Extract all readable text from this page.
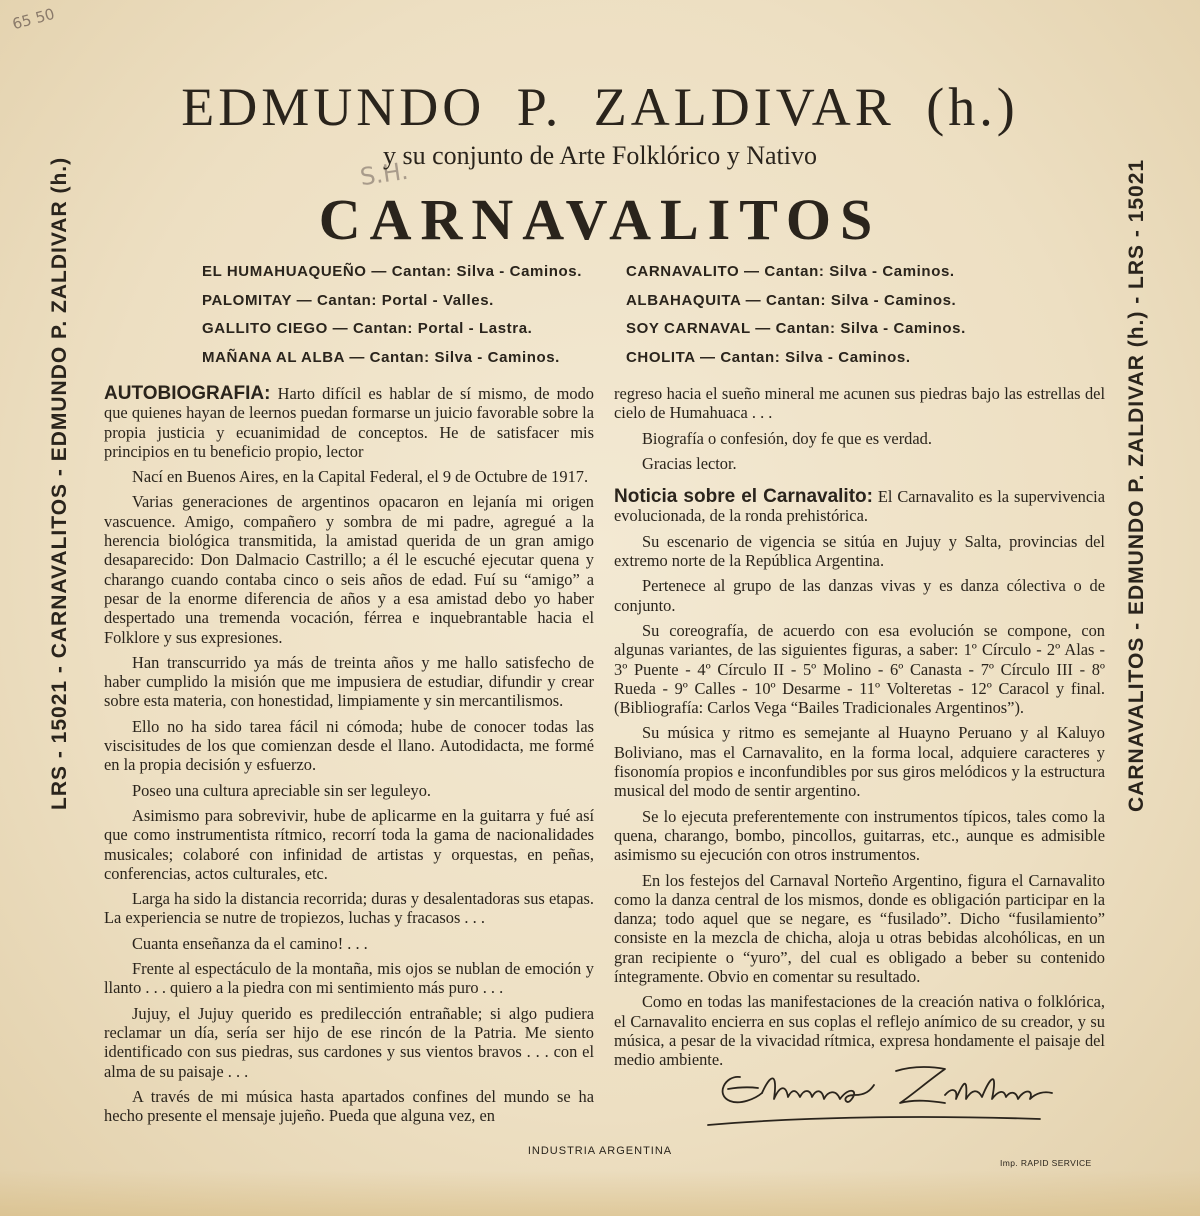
65 50
S.H.
LRS - 15021 - CARNAVALITOS - EDMUNDO P. ZALDIVAR (h.)	CARNAVALITOS - EDMUNDO P. ZALDIVAR (h.) - LRS - 15021
EDMUNDO P. ZALDIVAR (h.)
y su conjunto de Arte Folklórico y Nativo
CARNAVALITOS
EL HUMAHUAQUEÑO — Cantan: Silva - Caminos.
PALOMITAY — Cantan: Portal - Valles.
GALLITO CIEGO — Cantan: Portal - Lastra.
MAÑANA AL ALBA — Cantan: Silva - Caminos.
CARNAVALITO — Cantan: Silva - Caminos.
ALBAHAQUITA — Cantan: Silva - Caminos.
SOY CARNAVAL — Cantan: Silva - Caminos.
CHOLITA — Cantan: Silva - Caminos.

AUTOBIOGRAFIA: Harto difícil es hablar de sí mismo, de modo que quienes hayan de leernos puedan formarse un juicio favorable sobre la propia justicia y ecuanimidad de conceptos. He de satisfacer mis principios en tu beneficio propio, lector

Nací en Buenos Aires, en la Capital Federal, el 9 de Octubre de 1917.

Varias generaciones de argentinos opacaron en lejanía mi origen vascuence. Amigo, compañero y sombra de mi padre, agregué a la herencia biológica transmitida, la amistad querida de un gran amigo desaparecido: Don Dalmacio Castrillo; a él le escuché ejecutar quena y charango cuando contaba cinco o seis años de edad. Fuí su “amigo” a pesar de la enorme diferencia de años y a esa amistad debo yo haber despertado una tremenda vocación, férrea e inquebrantable hacia el Folklore y sus expresiones.

Han transcurrido ya más de treinta años y me hallo satisfecho de haber cumplido la misión que me impusiera de estudiar, difundir y crear sobre esta materia, con honestidad, limpiamente y sin mercantilismos.

Ello no ha sido tarea fácil ni cómoda; hube de conocer todas las viscisitudes de los que comienzan desde el llano. Autodidacta, me formé en la propia decisión y esfuerzo.

Poseo una cultura apreciable sin ser leguleyo.

Asimismo para sobrevivir, hube de aplicarme en la guitarra y fué así que como instrumentista rítmico, recorrí toda la gama de nacionalidades musicales; colaboré con infinidad de artistas y orquestas, en peñas, conferencias, actos culturales, etc.

Larga ha sido la distancia recorrida; duras y desalentadoras sus etapas. La experiencia se nutre de tropiezos, luchas y fracasos . . .

Cuanta enseñanza da el camino! . . .

Frente al espectáculo de la montaña, mis ojos se nublan de emoción y llanto . . . quiero a la piedra con mi sentimiento más puro . . .

Jujuy, el Jujuy querido es predilección entrañable; si algo pudiera reclamar un día, sería ser hijo de ese rincón de la Patria. Me siento identificado con sus piedras, sus cardones y sus vientos bravos . . . con el alma de su paisaje . . .

A través de mi música hasta apartados confines del mundo se ha hecho presente el mensaje jujeño. Pueda que alguna vez, en

regreso hacia el sueño mineral me acunen sus piedras bajo las estrellas del cielo de Humahuaca . . .

Biografía o confesión, doy fe que es verdad.

Gracias lector.

Noticia sobre el Carnavalito: El Carnavalito es la supervivencia evolucionada, de la ronda prehistórica.

Su escenario de vigencia se sitúa en Jujuy y Salta, provincias del extremo norte de la República Argentina.

Pertenece al grupo de las danzas vivas y es danza cólectiva o de conjunto.

Su coreografía, de acuerdo con esa evolución se compone, con algunas variantes, de las siguientes figuras, a saber: 1º Círculo - 2º Alas - 3º Puente - 4º Círculo II - 5º Molino - 6º Canasta - 7º Círculo III - 8º Rueda - 9º Calles - 10º Desarme - 11º Volteretas - 12º Caracol y final. (Bibliografía: Carlos Vega “Bailes Tradicionales Argentinos”).

Su música y ritmo es semejante al Huayno Peruano y al Kaluyo Boliviano, mas el Carnavalito, en la forma local, adquiere caracteres y fisonomía propios e inconfundibles por sus giros melódicos y la estructura musical del modo de sentir argentino.

Se lo ejecuta preferentemente con instrumentos típicos, tales como la quena, charango, bombo, pincollos, guitarras, etc., aunque es admisible asimismo su ejecución con otros instrumentos.

En los festejos del Carnaval Norteño Argentino, figura el Carnavalito como la danza central de los mismos, donde es obligación participar en la danza; todo aquel que se negare, es “fusilado”. Dicho “fusilamiento” consiste en la mezcla de chicha, aloja u otras bebidas alcohólicas, en un gran recipiente o “yuro”, del cual es obligado a beber su contenido íntegramente. Obvio en comentar su resultado.

Como en todas las manifestaciones de la creación nativa o folklórica, el Carnavalito encierra en sus coplas el reflejo anímico de su creador, y su música, a pesar de la vivacidad rítmica, expresa hondamente el paisaje del medio ambiente.

INDUSTRIA ARGENTINA
Imp. RAPID SERVICE
